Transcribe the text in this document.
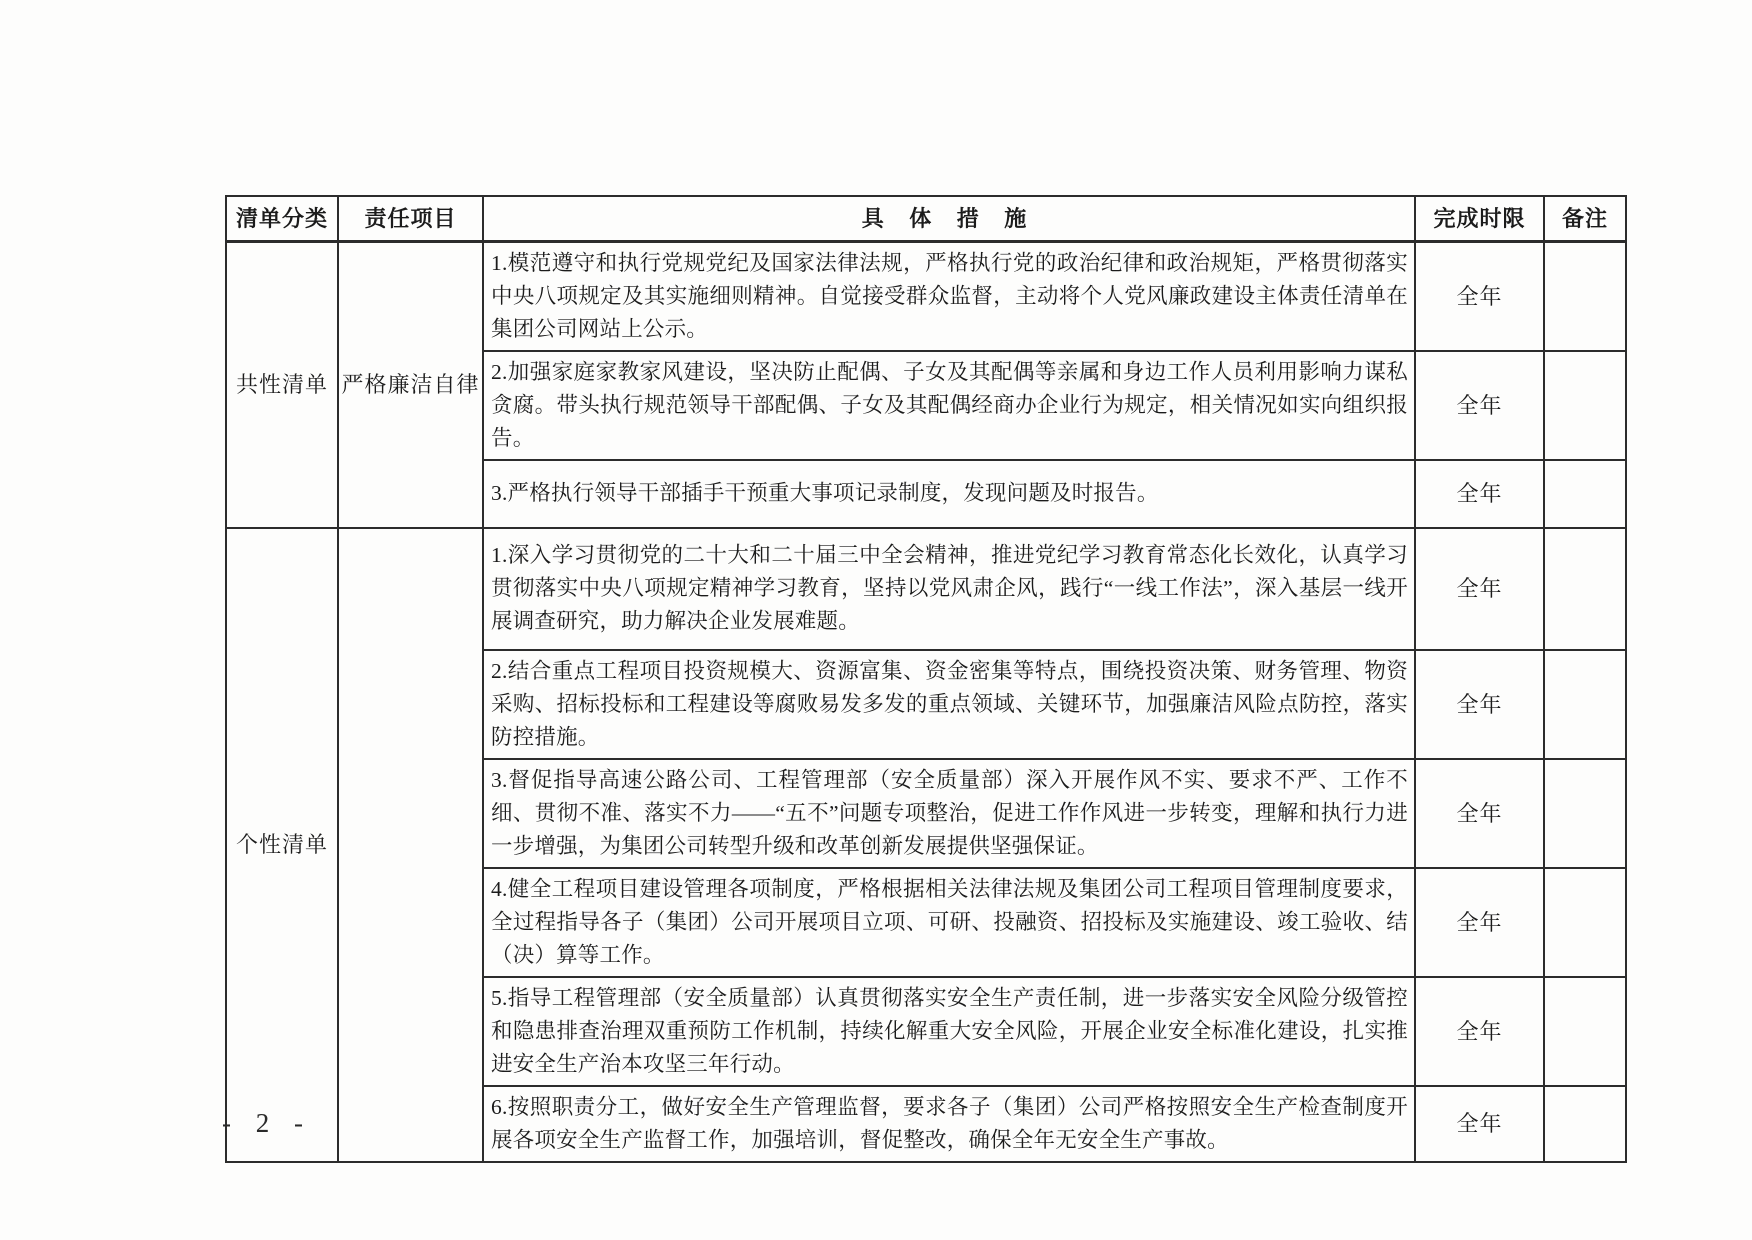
清单分类	责任项目	具 体 措 施	完成时限	备注
共性清单	严格廉洁自律	1.模范遵守和执行党规党纪及国家法律法规，严格执行党的政治纪律和政治规矩，严格贯彻落实中央八项规定及其实施细则精神。自觉接受群众监督，主动将个人党风廉政建设主体责任清单在集团公司网站上公示。	全年	
		2.加强家庭家教家风建设，坚决防止配偶、子女及其配偶等亲属和身边工作人员利用影响力谋私贪腐。带头执行规范领导干部配偶、子女及其配偶经商办企业行为规定，相关情况如实向组织报告。	全年	
		3.严格执行领导干部插手干预重大事项记录制度，发现问题及时报告。	全年	
个性清单		1.深入学习贯彻党的二十大和二十届三中全会精神，推进党纪学习教育常态化长效化，认真学习贯彻落实中央八项规定精神学习教育，坚持以党风肃企风，践行“一线工作法”，深入基层一线开展调查研究，助力解决企业发展难题。	全年	
		2.结合重点工程项目投资规模大、资源富集、资金密集等特点，围绕投资决策、财务管理、物资采购、招标投标和工程建设等腐败易发多发的重点领域、关键环节，加强廉洁风险点防控，落实防控措施。	全年	
		3.督促指导高速公路公司、工程管理部（安全质量部）深入开展作风不实、要求不严、工作不细、贯彻不准、落实不力——“五不”问题专项整治，促进工作作风进一步转变，理解和执行力进一步增强，为集团公司转型升级和改革创新发展提供坚强保证。	全年	
		4.健全工程项目建设管理各项制度，严格根据相关法律法规及集团公司工程项目管理制度要求，全过程指导各子（集团）公司开展项目立项、可研、投融资、招投标及实施建设、竣工验收、结（决）算等工作。	全年	
		5.指导工程管理部（安全质量部）认真贯彻落实安全生产责任制，进一步落实安全风险分级管控和隐患排查治理双重预防工作机制，持续化解重大安全风险，开展企业安全标准化建设，扎实推进安全生产治本攻坚三年行动。	全年	
		6.按照职责分工，做好安全生产管理监督，要求各子（集团）公司严格按照安全生产检查制度开展各项安全生产监督工作，加强培训，督促整改，确保全年无安全生产事故。	全年	
- 2 -
